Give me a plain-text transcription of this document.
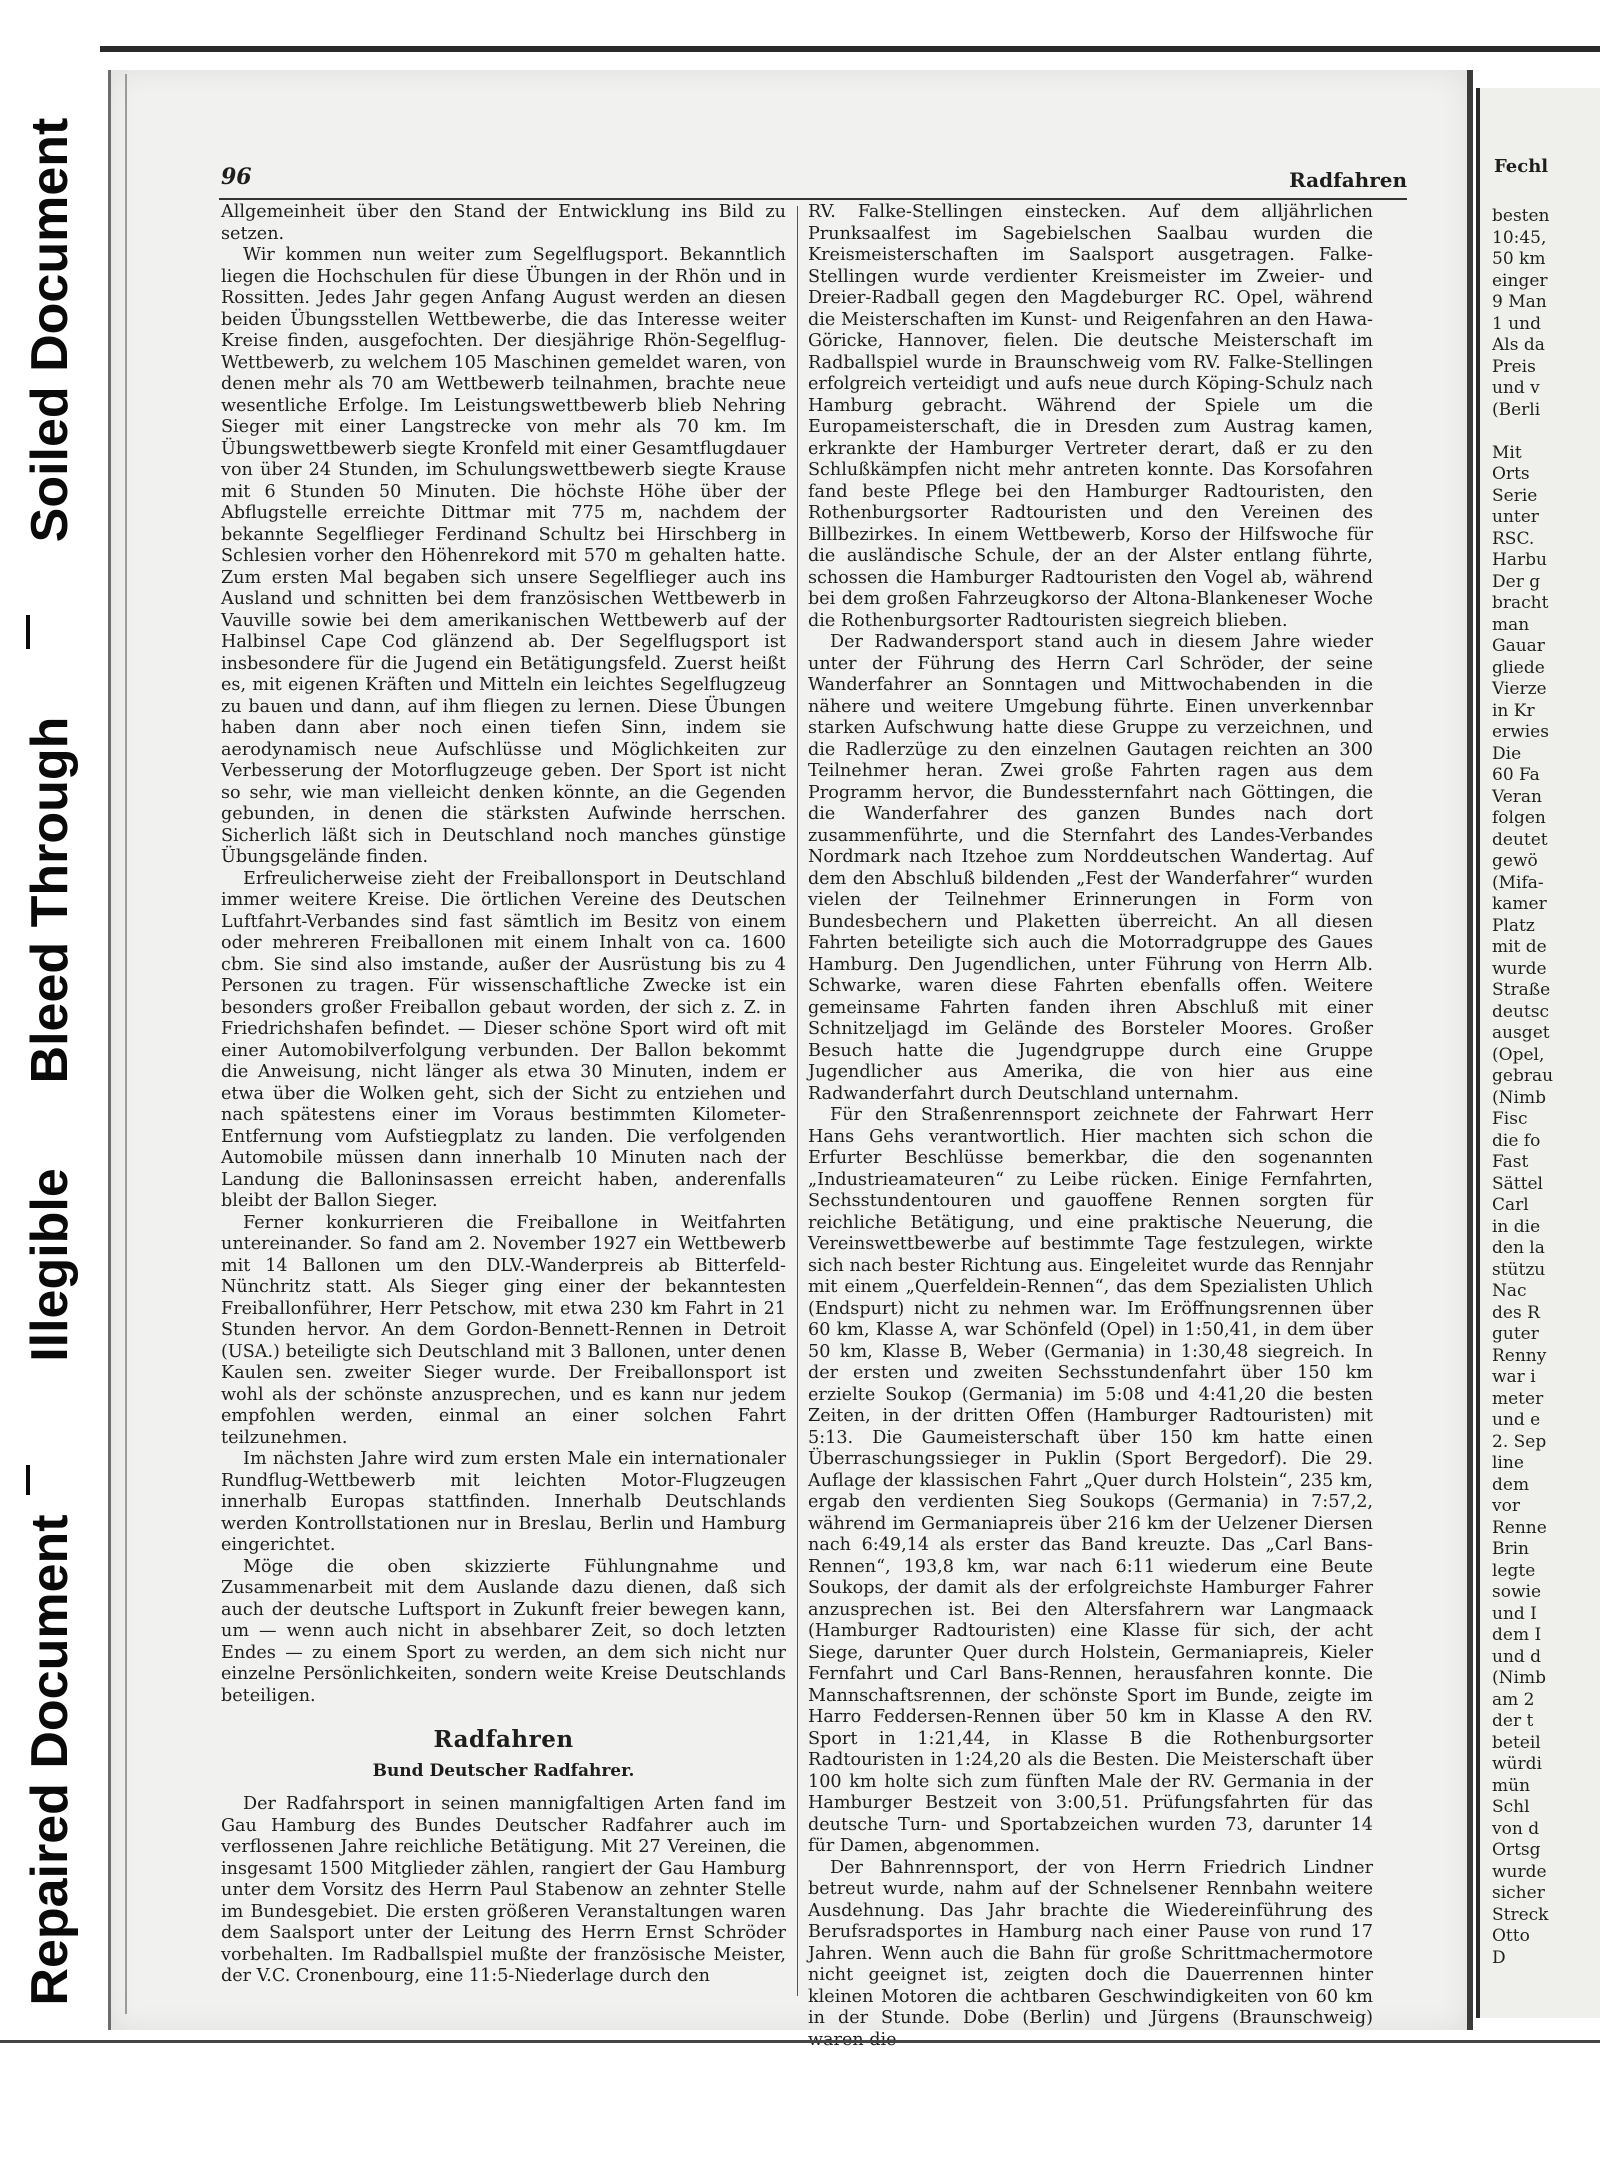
Soiled Document
Bleed Through
Illegible
Repaired Document
96	Radfahren

Allgemeinheit über den Stand der Entwicklung ins Bild zu setzen.

Wir kommen nun weiter zum Segelflugsport. Bekanntlich liegen die Hochschulen für diese Übungen in der Rhön und in Rossitten. Jedes Jahr gegen Anfang August werden an diesen beiden Übungsstellen Wettbewerbe, die das Interesse weiter Kreise finden, ausgefochten. Der diesjährige Rhön-Segelflug-Wettbewerb, zu welchem 105 Maschinen gemeldet waren, von denen mehr als 70 am Wettbewerb teilnahmen, brachte neue wesentliche Erfolge. Im Leistungswettbewerb blieb Nehring Sieger mit einer Langstrecke von mehr als 70 km. Im Übungswettbewerb siegte Kronfeld mit einer Gesamtflugdauer von über 24 Stunden, im Schulungswettbewerb siegte Krause mit 6 Stunden 50 Minuten. Die höchste Höhe über der Abflugstelle erreichte Dittmar mit 775 m, nachdem der bekannte Segelflieger Ferdinand Schultz bei Hirschberg in Schlesien vorher den Höhenrekord mit 570 m gehalten hatte. Zum ersten Mal begaben sich unsere Segelflieger auch ins Ausland und schnitten bei dem französischen Wettbewerb in Vauville sowie bei dem amerikanischen Wettbewerb auf der Halbinsel Cape Cod glänzend ab. Der Segelflugsport ist insbesondere für die Jugend ein Betätigungsfeld. Zuerst heißt es, mit eigenen Kräften und Mitteln ein leichtes Segelflugzeug zu bauen und dann, auf ihm fliegen zu lernen. Diese Übungen haben dann aber noch einen tiefen Sinn, indem sie aerodynamisch neue Aufschlüsse und Möglichkeiten zur Verbesserung der Motorflugzeuge geben. Der Sport ist nicht so sehr, wie man vielleicht denken könnte, an die Gegenden gebunden, in denen die stärksten Aufwinde herrschen. Sicherlich läßt sich in Deutschland noch manches günstige Übungsgelände finden.

Erfreulicherweise zieht der Freiballonsport in Deutschland immer weitere Kreise. Die örtlichen Vereine des Deutschen Luftfahrt-Verbandes sind fast sämtlich im Besitz von einem oder mehreren Freiballonen mit einem Inhalt von ca. 1600 cbm. Sie sind also imstande, außer der Ausrüstung bis zu 4 Personen zu tragen. Für wissenschaftliche Zwecke ist ein besonders großer Freiballon gebaut worden, der sich z. Z. in Friedrichshafen befindet. — Dieser schöne Sport wird oft mit einer Automobilverfolgung verbunden. Der Ballon bekommt die Anweisung, nicht länger als etwa 30 Minuten, indem er etwa über die Wolken geht, sich der Sicht zu entziehen und nach spätestens einer im Voraus bestimmten Kilometer-Entfernung vom Aufstiegplatz zu landen. Die verfolgenden Automobile müssen dann innerhalb 10 Minuten nach der Landung die Balloninsassen erreicht haben, anderenfalls bleibt der Ballon Sieger.

Ferner konkurrieren die Freiballone in Weitfahrten untereinander. So fand am 2. November 1927 ein Wettbewerb mit 14 Ballonen um den DLV.-Wanderpreis ab Bitterfeld-Nünchritz statt. Als Sieger ging einer der bekanntesten Freiballonführer, Herr Petschow, mit etwa 230 km Fahrt in 21 Stunden hervor. An dem Gordon-Bennett-Rennen in Detroit (USA.) beteiligte sich Deutschland mit 3 Ballonen, unter denen Kaulen sen. zweiter Sieger wurde. Der Freiballonsport ist wohl als der schönste anzusprechen, und es kann nur jedem empfohlen werden, einmal an einer solchen Fahrt teilzunehmen.

Im nächsten Jahre wird zum ersten Male ein internationaler Rundflug-Wettbewerb mit leichten Motor-Flugzeugen innerhalb Europas stattfinden. Innerhalb Deutschlands werden Kontrollstationen nur in Breslau, Berlin und Hamburg eingerichtet.

Möge die oben skizzierte Fühlungnahme und Zusammenarbeit mit dem Auslande dazu dienen, daß sich auch der deutsche Luftsport in Zukunft freier bewegen kann, um — wenn auch nicht in absehbarer Zeit, so doch letzten Endes — zu einem Sport zu werden, an dem sich nicht nur einzelne Persönlichkeiten, sondern weite Kreise Deutschlands beteiligen.

Radfahren
Bund Deutscher Radfahrer.

Der Radfahrsport in seinen mannigfaltigen Arten fand im Gau Hamburg des Bundes Deutscher Radfahrer auch im verflossenen Jahre reichliche Betätigung. Mit 27 Vereinen, die insgesamt 1500 Mitglieder zählen, rangiert der Gau Hamburg unter dem Vorsitz des Herrn Paul Stabenow an zehnter Stelle im Bundesgebiet. Die ersten größeren Veranstaltungen waren dem Saalsport unter der Leitung des Herrn Ernst Schröder vorbehalten. Im Radballspiel mußte der französische Meister, der V.C. Cronenbourg, eine 11:5-Niederlage durch den

RV. Falke-Stellingen einstecken. Auf dem alljährlichen Prunksaalfest im Sagebielschen Saalbau wurden die Kreismeisterschaften im Saalsport ausgetragen. Falke-Stellingen wurde verdienter Kreismeister im Zweier- und Dreier-Radball gegen den Magdeburger RC. Opel, während die Meisterschaften im Kunst- und Reigenfahren an den Hawa-Göricke, Hannover, fielen. Die deutsche Meisterschaft im Radballspiel wurde in Braunschweig vom RV. Falke-Stellingen erfolgreich verteidigt und aufs neue durch Köping-Schulz nach Hamburg gebracht. Während der Spiele um die Europameisterschaft, die in Dresden zum Austrag kamen, erkrankte der Hamburger Vertreter derart, daß er zu den Schlußkämpfen nicht mehr antreten konnte. Das Korsofahren fand beste Pflege bei den Hamburger Radtouristen, den Rothenburgsorter Radtouristen und den Vereinen des Billbezirkes. In einem Wettbewerb, Korso der Hilfswoche für die ausländische Schule, der an der Alster entlang führte, schossen die Hamburger Radtouristen den Vogel ab, während bei dem großen Fahrzeugkorso der Altona-Blankeneser Woche die Rothenburgsorter Radtouristen siegreich blieben.

Der Radwandersport stand auch in diesem Jahre wieder unter der Führung des Herrn Carl Schröder, der seine Wanderfahrer an Sonntagen und Mittwochabenden in die nähere und weitere Umgebung führte. Einen unverkennbar starken Aufschwung hatte diese Gruppe zu verzeichnen, und die Radlerzüge zu den einzelnen Gautagen reichten an 300 Teilnehmer heran. Zwei große Fahrten ragen aus dem Programm hervor, die Bundessternfahrt nach Göttingen, die die Wanderfahrer des ganzen Bundes nach dort zusammenführte, und die Sternfahrt des Landes-Verbandes Nordmark nach Itzehoe zum Norddeutschen Wandertag. Auf dem den Abschluß bildenden „Fest der Wanderfahrer“ wurden vielen der Teilnehmer Erinnerungen in Form von Bundesbechern und Plaketten überreicht. An all diesen Fahrten beteiligte sich auch die Motorradgruppe des Gaues Hamburg. Den Jugendlichen, unter Führung von Herrn Alb. Schwarke, waren diese Fahrten ebenfalls offen. Weitere gemeinsame Fahrten fanden ihren Abschluß mit einer Schnitzeljagd im Gelände des Borsteler Moores. Großer Besuch hatte die Jugendgruppe durch eine Gruppe Jugendlicher aus Amerika, die von hier aus eine Radwanderfahrt durch Deutschland unternahm.

Für den Straßenrennsport zeichnete der Fahrwart Herr Hans Gehs verantwortlich. Hier machten sich schon die Erfurter Beschlüsse bemerkbar, die den sogenannten „Industrieamateuren“ zu Leibe rücken. Einige Fernfahrten, Sechsstundentouren und gauoffene Rennen sorgten für reichliche Betätigung, und eine praktische Neuerung, die Vereinswettbewerbe auf bestimmte Tage festzulegen, wirkte sich nach bester Richtung aus. Eingeleitet wurde das Rennjahr mit einem „Querfeldein-Rennen“, das dem Spezialisten Uhlich (Endspurt) nicht zu nehmen war. Im Eröffnungsrennen über 60 km, Klasse A, war Schönfeld (Opel) in 1:50,41, in dem über 50 km, Klasse B, Weber (Germania) in 1:30,48 siegreich. In der ersten und zweiten Sechsstundenfahrt über 150 km erzielte Soukop (Germania) im 5:08 und 4:41,20 die besten Zeiten, in der dritten Offen (Hamburger Radtouristen) mit 5:13. Die Gaumeisterschaft über 150 km hatte einen Überraschungssieger in Puklin (Sport Bergedorf). Die 29. Auflage der klassischen Fahrt „Quer durch Holstein“, 235 km, ergab den verdienten Sieg Soukops (Germania) in 7:57,2, während im Germaniapreis über 216 km der Uelzener Diersen nach 6:49,14 als erster das Band kreuzte. Das „Carl Bans-Rennen“, 193,8 km, war nach 6:11 wiederum eine Beute Soukops, der damit als der erfolgreichste Hamburger Fahrer anzusprechen ist. Bei den Altersfahrern war Langmaack (Hamburger Radtouristen) eine Klasse für sich, der acht Siege, darunter Quer durch Holstein, Germaniapreis, Kieler Fernfahrt und Carl Bans-Rennen, herausfahren konnte. Die Mannschaftsrennen, der schönste Sport im Bunde, zeigte im Harro Feddersen-Rennen über 50 km in Klasse A den RV. Sport in 1:21,44, in Klasse B die Rothenburgsorter Radtouristen in 1:24,20 als die Besten. Die Meisterschaft über 100 km holte sich zum fünften Male der RV. Germania in der Hamburger Bestzeit von 3:00,51. Prüfungsfahrten für das deutsche Turn- und Sportabzeichen wurden 73, darunter 14 für Damen, abgenommen.

Der Bahnrennsport, der von Herrn Friedrich Lindner betreut wurde, nahm auf der Schnelsener Rennbahn weitere Ausdehnung. Das Jahr brachte die Wiedereinführung des Berufsradsportes in Hamburg nach einer Pause von rund 17 Jahren. Wenn auch die Bahn für große Schrittmachermotore nicht geeignet ist, zeigten doch die Dauerrennen hinter kleinen Motoren die achtbaren Geschwindigkeiten von 60 km in der Stunde. Dobe (Berlin) und Jürgens (Braunschweig)

Fechl
besten
10:45,
50 km
einger
9 Man
1 und
Als da
Preis
und v
(Berli

Mit
Orts
Serie
unter
RSC.
Harbu
Der g
bracht
man
Gauar
gliede
Vierze
in Kr
erwies
Die
60 Fa
Veran
folgen
deutet
gewö
(Mifa-
kamer
Platz
mit de
wurde
Straße
deutsc
ausget
(Opel,
gebrau
(Nimb
Fisc
die fo
Fast
Sättel
Carl
in die
den la
stützu
Nac
des R
guter
Renny
war i
meter
und e
2. Sep
line
dem
vor
Renne
Brin
legte
sowie
und I
dem I
und d
(Nimb
am 2
der t
beteil
würdi
mün
Schl
von d
Ortsg
wurde
sicher
Streck
Otto
D
